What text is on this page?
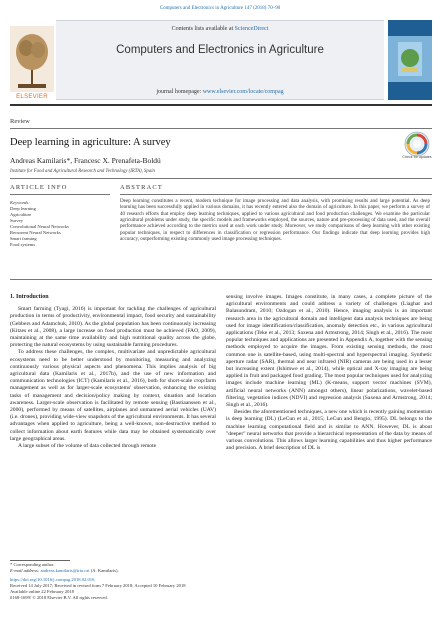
Computers and Electronics in Agriculture 147 (2018) 70–90
ELSEVIER
Contents lists available at ScienceDirect
Computers and Electronics in Agriculture
journal homepage: www.elsevier.com/locate/compag
Review
Deep learning in agriculture: A survey
Andreas Kamilaris*, Francesc X. Prenafeta-Boldú
Institute for Food and Agricultural Research and Technology (IRTA), Spain
Check for updates
ARTICLE INFO	ABSTRACT
Keywords:
Deep learning
Agriculture
Survey
Convolutional Neural Networks
Recurrent Neural Networks
Smart farming
Food systems
Deep learning constitutes a recent, modern technique for image processing and data analysis, with promising results and large potential. As deep learning has been successfully applied in various domains, it has recently entered also the domain of agriculture. In this paper, we perform a survey of 40 research efforts that employ deep learning techniques, applied to various agricultural and food production challenges. We examine the particular agricultural problems under study, the specific models and frameworks employed, the sources, nature and pre-processing of data used, and the overall performance achieved according to the metrics used at each work under study. Moreover, we study comparisons of deep learning with other existing popular techniques, in respect to differences in classification or regression performance. Our findings indicate that deep learning provides high accuracy, outperforming existing commonly used image processing techniques.

1. Introduction

Smart farming (Tyagi, 2016) is important for tackling the challenges of agricultural production in terms of productivity, environmental impact, food security and sustainability (Gebbers and Adamchuk, 2010). As the global population has been continuously increasing (Kitzes et al., 2008), a large increase on food production must be achieved (FAO, 2009), maintaining at the same time availability and high nutritional quality across the globe, protecting the natural ecosystems by using sustainable farming procedures.

To address these challenges, the complex, multivariate and unpredictable agricultural ecosystems need to be better understood by monitoring, measuring and analyzing continuously various physical aspects and phenomena. This implies analysis of big agricultural data (Kamilaris et al., 2017b), and the use of new information and communication technologies (ICT) (Kamilaris et al., 2016), both for short-scale crop/farm management as well as for larger-scale ecosystems' observation, enhancing the existing tasks of management and decision/policy making by context, situation and location awareness. Larger-scale observation is facilitated by remote sensing (Bastiaanssen et al., 2000), performed by means of satellites, airplanes and unmanned aerial vehicles (UAV) (i.e. drones), providing wide-view snapshots of the agricultural environments. It has several advantages when applied to agriculture, being a well-known, non-destructive method to collect information about earth features while data may be obtained systematically over large geographical areas.

A large subset of the volume of data collected through remote

sensing involve images. Images constitute, in many cases, a complete picture of the agricultural environments and could address a variety of challenges (Liaghat and Balasundram, 2010; Ozdogan et al., 2010). Hence, imaging analysis is an important research area in the agricultural domain and intelligent data analysis techniques are being used for image identification/classification, anomaly detection etc., in various agricultural applications (Teke et al., 2013; Saxena and Armstrong, 2014; Singh et al., 2016). The most popular techniques and applications are presented in Appendix A, together with the sensing methods employed to acquire the images. From existing sensing methods, the most common one is satellite-based, using multi-spectral and hyperspectral imaging. Synthetic aperture radar (SAR), thermal and near infrared (NIR) cameras are being used in a lesser but increasing extent (Ishimwe et al., 2014), while optical and X-ray imaging are being applied in fruit and packaged food grading. The most popular techniques used for analyzing images include machine learning (ML) (K-means, support vector machines (SVM), artificial neural networks (ANN) amongst others), linear polarizations, wavelet-based filtering, vegetation indices (NDVI) and regression analysis (Saxena and Armstrong, 2014; Singh et al., 2016).

Besides the aforementioned techniques, a new one which is recently gaining momentum is deep learning (DL) (LeCun et al., 2015; LeCun and Bengio, 1995). DL belongs to the machine learning computational field and is similar to ANN. However, DL is about "deeper" neural networks that provide a hierarchical representation of the data by means of various convolutions. This allows larger learning capabilities and thus higher performance and precision. A brief description of DL is

* Corresponding author.
E-mail address: andreas.kamilaris@irta.cat (A. Kamilaris).
https://doi.org/10.1016/j.compag.2018.02.016
Received 14 July 2017; Received in revised form 7 February 2018; Accepted 10 February 2018
Available online 22 February 2018
0168-1699/ © 2018 Elsevier B.V. All rights reserved.
